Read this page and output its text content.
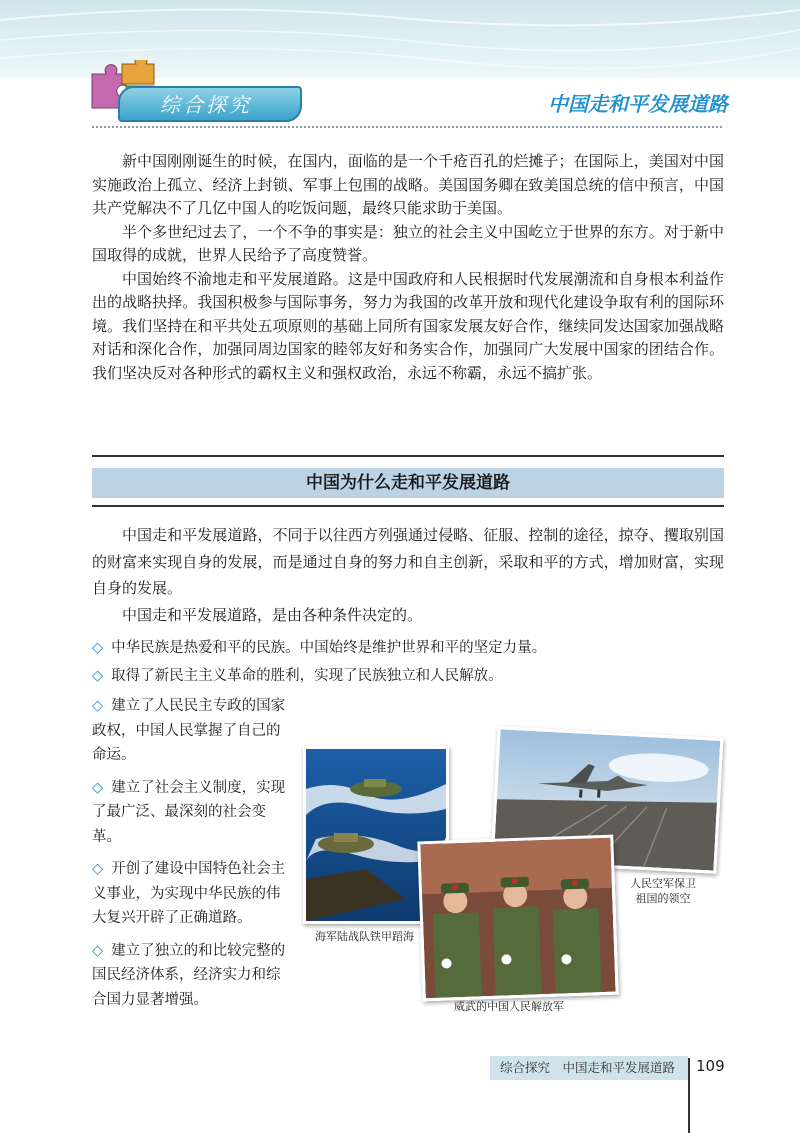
综合探究	中国走和平发展道路

新中国刚刚诞生的时候，在国内，面临的是一个千疮百孔的烂摊子；在国际上，美国对中国实施政治上孤立、经济上封锁、军事上包围的战略。美国国务卿在致美国总统的信中预言，中国共产党解决不了几亿中国人的吃饭问题，最终只能求助于美国。

半个多世纪过去了，一个不争的事实是：独立的社会主义中国屹立于世界的东方。对于新中国取得的成就，世界人民给予了高度赞誉。

中国始终不渝地走和平发展道路。这是中国政府和人民根据时代发展潮流和自身根本利益作出的战略抉择。我国积极参与国际事务，努力为我国的改革开放和现代化建设争取有利的国际环境。我们坚持在和平共处五项原则的基础上同所有国家发展友好合作，继续同发达国家加强战略对话和深化合作，加强同周边国家的睦邻友好和务实合作，加强同广大发展中国家的团结合作。我们坚决反对各种形式的霸权主义和强权政治，永远不称霸，永远不搞扩张。

中国为什么走和平发展道路

中国走和平发展道路，不同于以往西方列强通过侵略、征服、控制的途径，掠夺、攫取别国的财富来实现自身的发展，而是通过自身的努力和自主创新，采取和平的方式，增加财富，实现自身的发展。

中国走和平发展道路，是由各种条件决定的。

◇ 中华民族是热爱和平的民族。中国始终是维护世界和平的坚定力量。
◇ 取得了新民主主义革命的胜利，实现了民族独立和人民解放。

◇ 建立了人民民主专政的国家政权，中国人民掌握了自己的命运。

◇ 建立了社会主义制度，实现了最广泛、最深刻的社会变革。

◇ 开创了建设中国特色社会主义事业，为实现中华民族的伟大复兴开辟了正确道路。

◇ 建立了独立的和比较完整的国民经济体系，经济实力和综合国力显著增强。

海军陆战队铁甲蹈海
人民空军保卫
祖国的领空
威武的中国人民解放军
综合探究　中国走和平发展道路	109
